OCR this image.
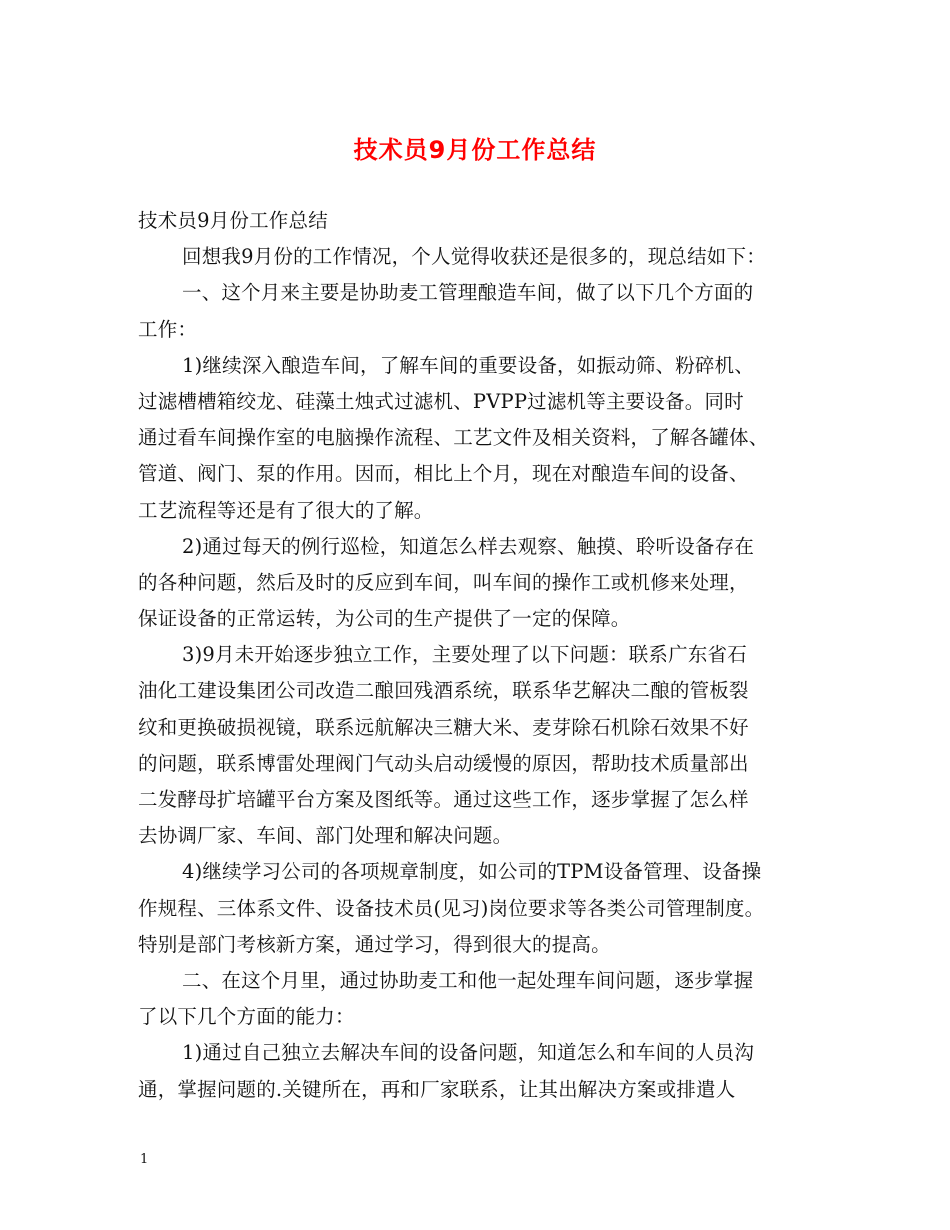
技术员9月份工作总结
技术员9月份工作总结
回想我9月份的工作情况，个人觉得收获还是很多的，现总结如下：
一、这个月来主要是协助麦工管理酿造车间，做了以下几个方面的
工作：
1)继续深入酿造车间，了解车间的重要设备，如振动筛、粉碎机、
过滤槽槽箱绞龙、硅藻土烛式过滤机、PVPP过滤机等主要设备。同时
通过看车间操作室的电脑操作流程、工艺文件及相关资料，了解各罐体、
管道、阀门、泵的作用。因而，相比上个月，现在对酿造车间的设备、
工艺流程等还是有了很大的了解。
2)通过每天的例行巡检，知道怎么样去观察、触摸、聆听设备存在
的各种问题，然后及时的反应到车间，叫车间的操作工或机修来处理，
保证设备的正常运转，为公司的生产提供了一定的保障。
3)9月未开始逐步独立工作，主要处理了以下问题：联系广东省石
油化工建设集团公司改造二酿回残酒系统，联系华艺解决二酿的管板裂
纹和更换破损视镜，联系远航解决三糖大米、麦芽除石机除石效果不好
的问题，联系博雷处理阀门气动头启动缓慢的原因，帮助技术质量部出
二发酵母扩培罐平台方案及图纸等。通过这些工作，逐步掌握了怎么样
去协调厂家、车间、部门处理和解决问题。
4)继续学习公司的各项规章制度，如公司的TPM设备管理、设备操
作规程、三体系文件、设备技术员(见习)岗位要求等各类公司管理制度。
特别是部门考核新方案，通过学习，得到很大的提高。
二、在这个月里，通过协助麦工和他一起处理车间问题，逐步掌握
了以下几个方面的能力：
1)通过自己独立去解决车间的设备问题，知道怎么和车间的人员沟
通，掌握问题的.关键所在，再和厂家联系，让其出解决方案或排遣人
1
